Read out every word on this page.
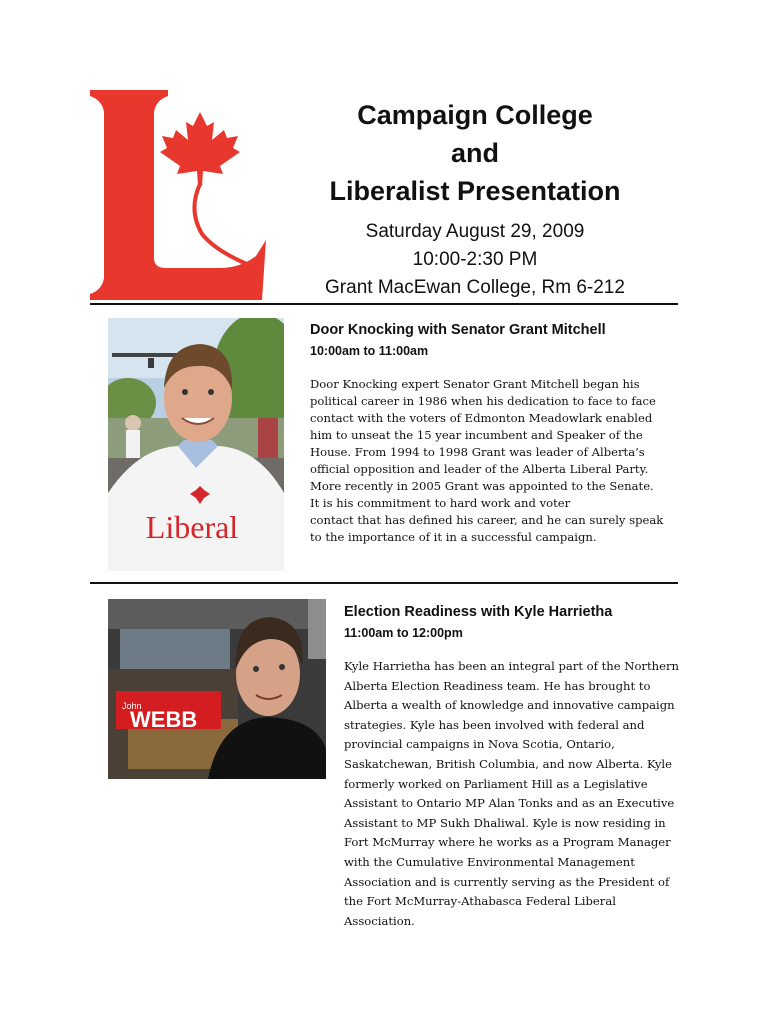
Campaign College
and
Liberalist Presentation
Saturday August 29, 2009
10:00-2:30 PM
Grant MacEwan College, Rm 6-212
Liberal
Door Knocking with Senator Grant Mitchell
10:00am to 11:00am
Door Knocking expert Senator Grant Mitchell began his
political career in 1986 when his dedication to face to face
contact with the voters of Edmonton Meadowlark enabled
him to unseat the 15 year incumbent and Speaker of the
House. From 1994 to 1998 Grant was leader of Alberta’s
official opposition and leader of the Alberta Liberal Party.
More recently in 2005 Grant was appointed to the Senate.
It is his commitment to hard work and voter
contact that has defined his career, and he can surely speak
to the importance of it in a successful campaign.
John
WEBB
Election Readiness with Kyle Harrietha
11:00am to 12:00pm
Kyle Harrietha has been an integral part of the Northern
Alberta Election Readiness team. He has brought to
Alberta a wealth of knowledge and innovative campaign
strategies. Kyle has been involved with federal and
provincial campaigns in Nova Scotia, Ontario,
Saskatchewan, British Columbia, and now Alberta. Kyle
formerly worked on Parliament Hill as a Legislative
Assistant to Ontario MP Alan Tonks and as an Executive
Assistant to MP Sukh Dhaliwal. Kyle is now residing in
Fort McMurray where he works as a Program Manager
with the Cumulative Environmental Management
Association and is currently serving as the President of
the Fort McMurray-Athabasca Federal Liberal
Association.
